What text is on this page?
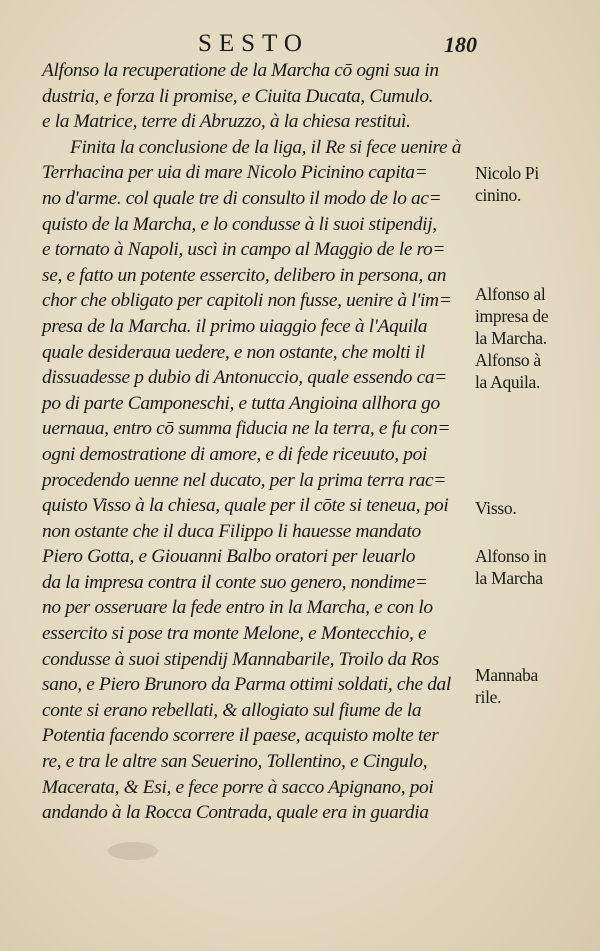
SESTO	180
Alfonso la recuperatione de la Marcha cō ogni sua in
dustria, e forza li promise, e Ciuita Ducata, Cumulo.
e la Matrice, terre di Abruzzo, à la chiesa restituì.
Finita la conclusione de la liga, il Re si fece uenire à
Terrhacina per uia di mare Nicolo Picinino capita=
no d'arme. col quale tre di consulto il modo de lo ac=
quisto de la Marcha, e lo condusse à li suoi stipendij,
e tornato à Napoli, uscì in campo al Maggio de le ro=
se, e fatto un potente essercito, delibero in persona, an
chor che obligato per capitoli non fusse, uenire à l'im=
presa de la Marcha. il primo uiaggio fece à l'Aquila
quale desideraua uedere, e non ostante, che molti il
dissuadesse p dubio di Antonuccio, quale essendo ca=
po di parte Camponeschi, e tutta Angioina allhora go
uernaua, entro cō summa fiducia ne la terra, e fu con=
ogni demostratione di amore, e di fede riceuuto, poi
procedendo uenne nel ducato, per la prima terra rac=
quisto Visso à la chiesa, quale per il cōte si teneua, poi
non ostante che il duca Filippo li hauesse mandato
Piero Gotta, e Giouanni Balbo oratori per leuarlo
da la impresa contra il conte suo genero, nondime=
no per osseruare la fede entro in la Marcha, e con lo
essercito si pose tra monte Melone, e Montecchio, e
condusse à suoi stipendij Mannabarile, Troilo da Ros
sano, e Piero Brunoro da Parma ottimi soldati, che dal
conte si erano rebellati, & allogiato sul fiume de la
Potentia facendo scorrere il paese, acquisto molte ter
re, e tra le altre san Seuerino, Tollentino, e Cingulo,
Macerata, & Esi, e fece porre à sacco Apignano, poi
andando à la Rocca Contrada, quale era in guardia
Nicolo Pi
cinino.
Alfonso al
impresa de
la Marcha.
Alfonso à
la Aquila.
Visso.
Alfonso in
la Marcha
Mannaba
rile.
